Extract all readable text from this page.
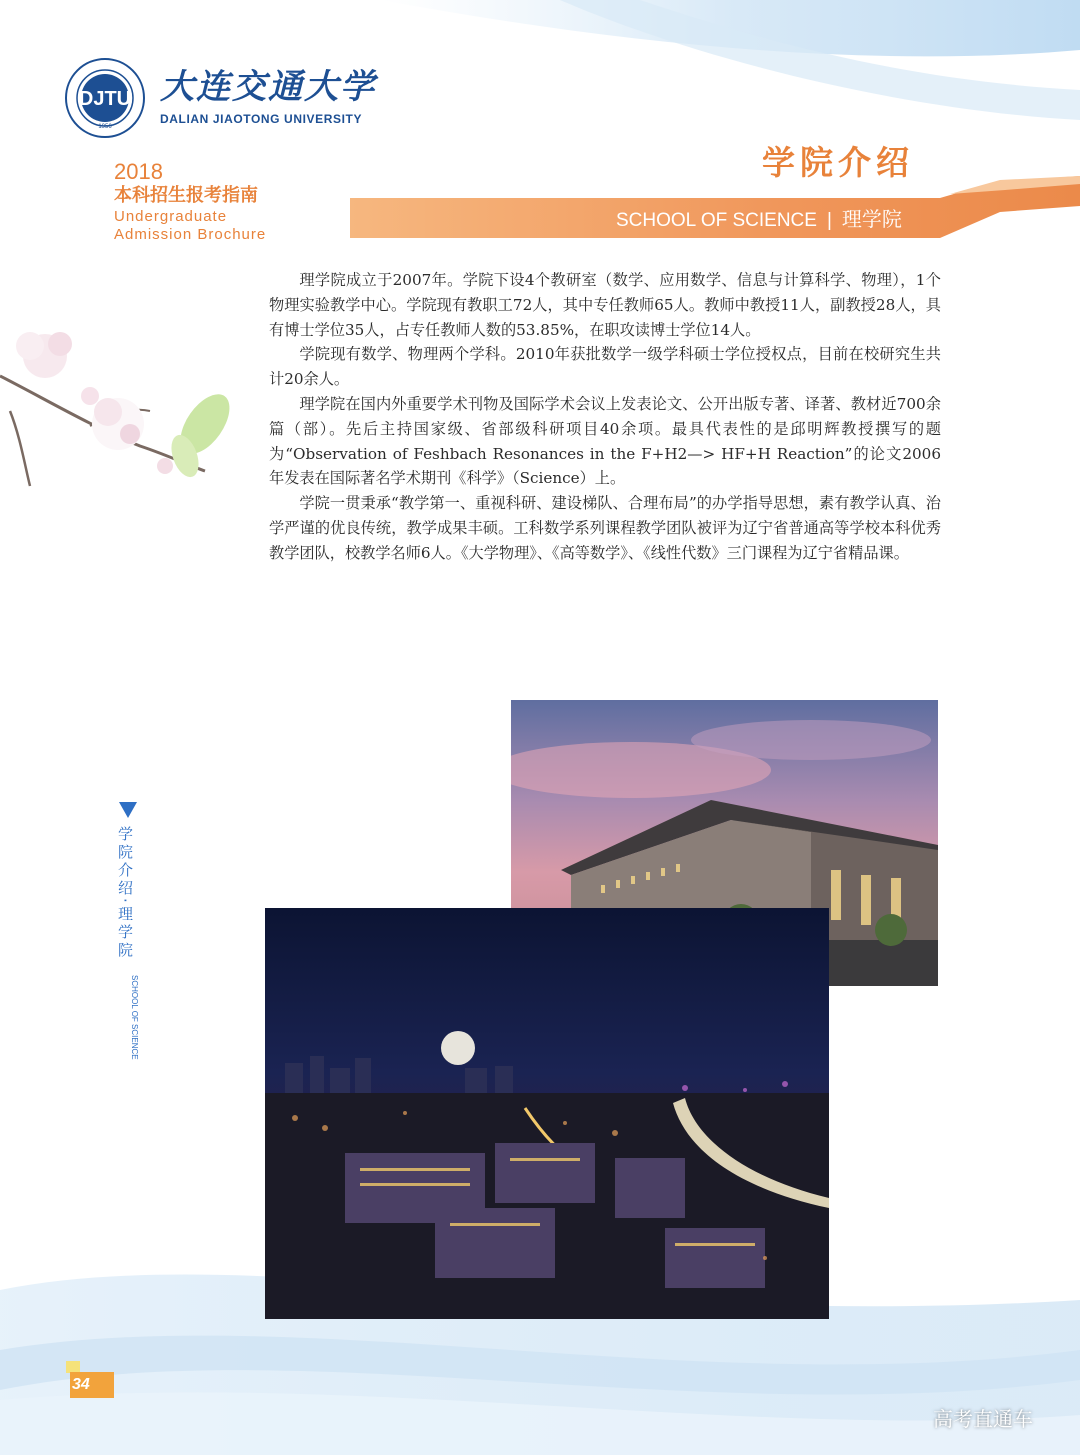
DJTU
1956
大连交通大学
DALIAN JIAOTONG UNIVERSITY
2018
本科招生报考指南
Undergraduate
Admission Brochure
学院介绍
SCHOOL OF SCIENCE | 理学院

理学院成立于2007年。学院下设4个教研室（数学、应用数学、信息与计算科学、物理），1个物理实验教学中心。学院现有教职工72人，其中专任教师65人。教师中教授11人，副教授28人，具有博士学位35人，占专任教师人数的53.85%，在职攻读博士学位14人。

学院现有数学、物理两个学科。2010年获批数学一级学科硕士学位授权点，目前在校研究生共计20余人。

理学院在国内外重要学术刊物及国际学术会议上发表论文、公开出版专著、译著、教材近700余篇（部）。先后主持国家级、省部级科研项目40余项。最具代表性的是邱明辉教授撰写的题为“Observation of Feshbach Resonances in the F+H2—> HF+H Reaction”的论文2006年发表在国际著名学术期刊《科学》（Science）上。

学院一贯秉承“教学第一、重视科研、建设梯队、合理布局”的办学指导思想，素有教学认真、治学严谨的优良传统，教学成果丰硕。工科数学系列课程教学团队被评为辽宁省普通高等学校本科优秀教学团队，校教学名师6人。《大学物理》、《高等数学》、《线性代数》三门课程为辽宁省精品课。

学院介绍·理学院
SCHOOL OF SCIENCE
34
高考直通车
